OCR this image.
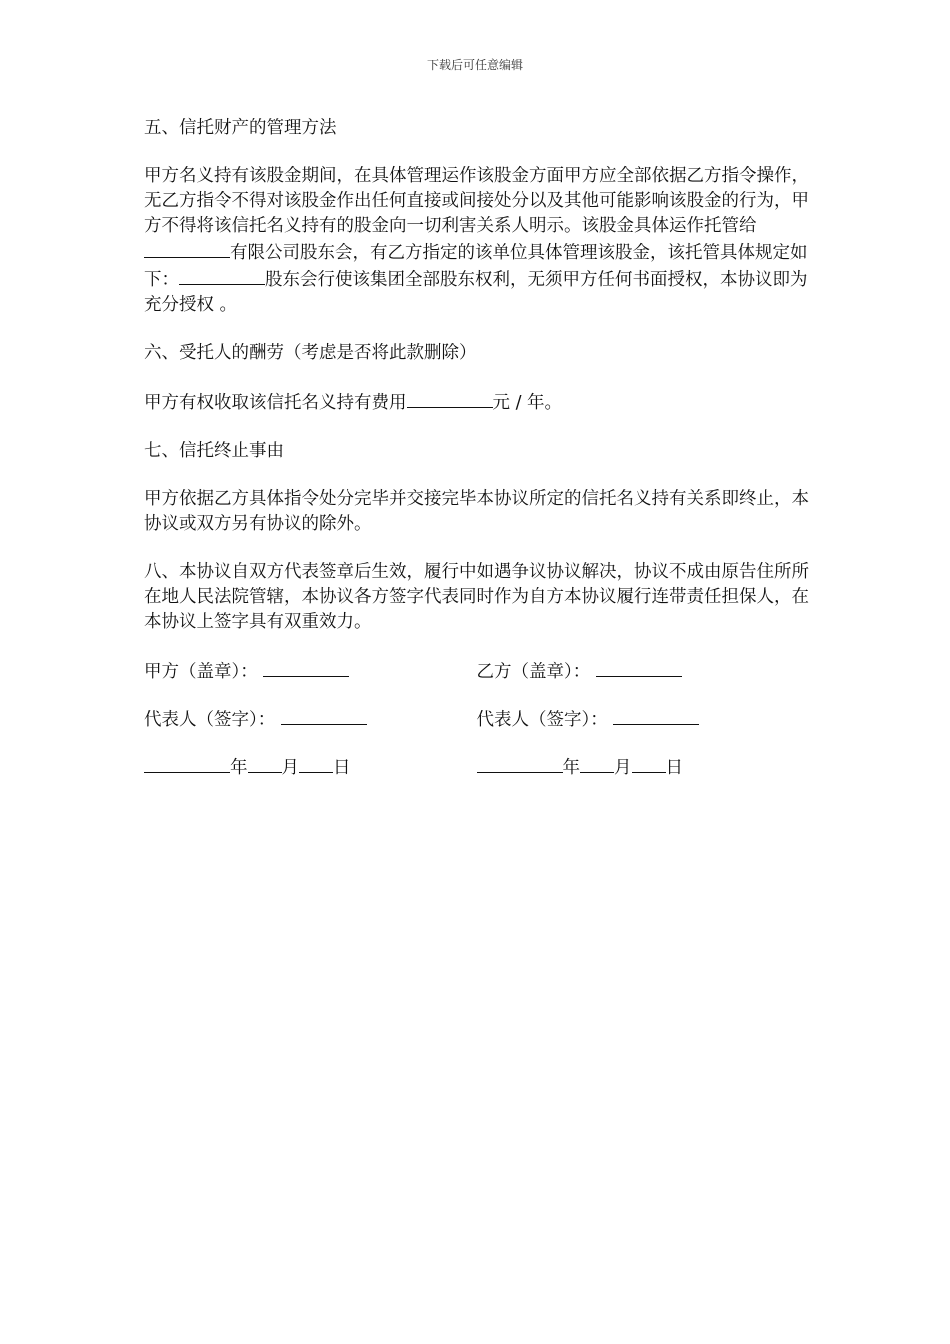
下载后可任意编辑

五、信托财产的管理方法

甲方名义持有该股金期间，在具体管理运作该股金方面甲方应全部依据乙方指令操作，无乙方指令不得对该股金作出任何直接或间接处分以及其他可能影响该股金的行为，甲方不得将该信托名义持有的股金向一切利害关系人明示。该股金具体运作托管给有限公司股东会，有乙方指定的该单位具体管理该股金，该托管具体规定如下：	股东会行使该集团全部股东权利，无须甲方任何书面授权，本协议即为充分授权 。

六、受托人的酬劳（考虑是否将此款删除）

甲方有权收取该信托名义持有费用	元 / 年。

七、信托终止事由

甲方依据乙方具体指令处分完毕并交接完毕本协议所定的信托名义持有关系即终止，本协议或双方另有协议的除外。

八、本协议自双方代表签章后生效，履行中如遇争议协议解决，协议不成由原告住所所在地人民法院管辖，本协议各方签字代表同时作为自方本协议履行连带责任担保人，在本协议上签字具有双重效力。

甲方（盖章）：	乙方（盖章）：
代表人（签字）：	代表人（签字）：
年 月 日	年 月 日
